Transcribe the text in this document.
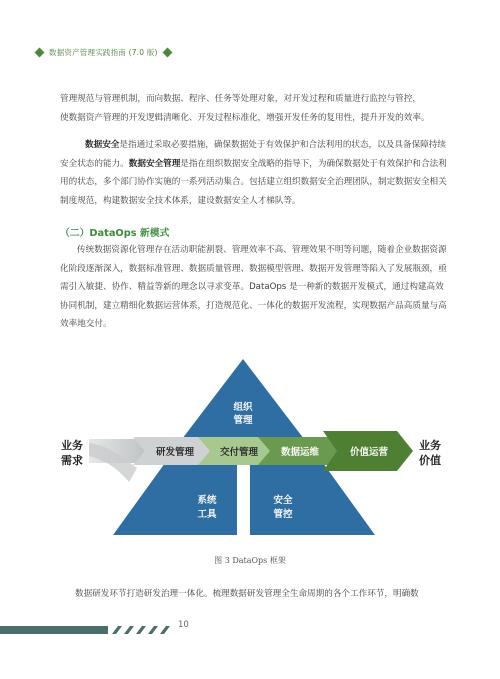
数据资产管理实践指南 (7.0 版)

管理规范与管理机制，而向数据、程序、任务等处理对象，对开发过程和质量进行监控与管控，
使数据资产管理的开发逻辑清晰化、开发过程标准化，增强开发任务的复用性，提升开发的效率。

数据安全是指通过采取必要措施，确保数据处于有效保护和合法利用的状态，以及具备保障持续安全状态的能力。数据安全管理是指在组织数据安全战略的指导下，为确保数据处于有效保护和合法利用的状态，多个部门协作实施的一系列活动集合。包括建立组织数据安全治理团队，制定数据安全相关制度规范，构建数据安全技术体系，建设数据安全人才梯队等。

（二）DataOps 新模式

传统数据资源化管理存在活动职能割裂、管理效率不高、管理效果不明等问题，随着企业数据资源化阶段逐渐深入，数据标准管理、数据质量管理、数据模型管理、数据开发管理等陷入了发展瓶颈，亟需引入敏捷、协作、精益等新的理念以寻求变革。DataOps 是一种新的数据开发模式，通过构建高效协同机制，建立精细化数据运营体系，打造规范化、一体化的数据开发流程，实现数据产品高质量与高效率地交付。

业务
需求
业务
价值
组织
管理
系统
工具
安全
管控
研发管理	交付管理 数据运维	价值运营
图 3 DataOps 框架

数据研发环节打造研发治理一体化。梳理数据研发管理全生命周期的各个工作环节，明确数

10
